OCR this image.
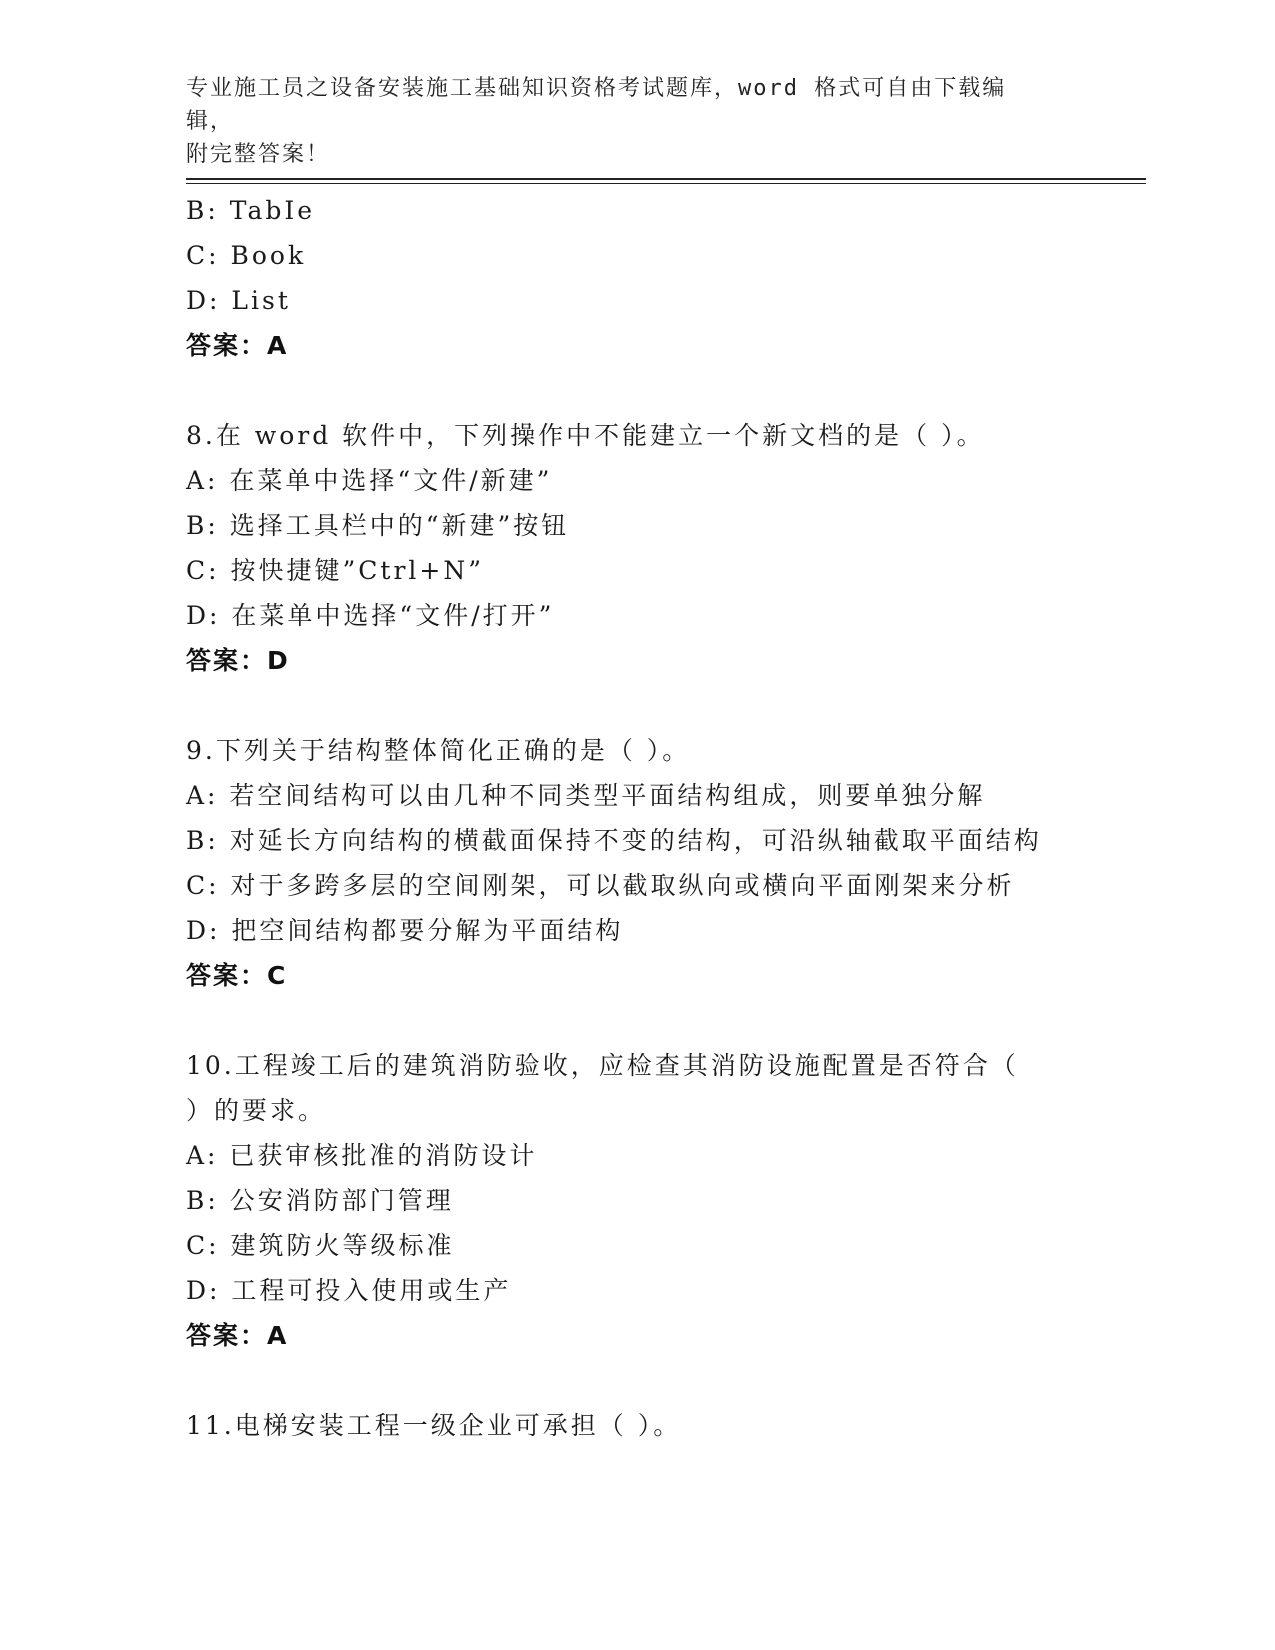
专业施工员之设备安装施工基础知识资格考试题库，word 格式可自由下载编辑，
附完整答案！
B: TabIe
C: Book
D: List
答案：A
8.在 word 软件中，下列操作中不能建立一个新文档的是（ ）。
A: 在菜单中选择“文件/新建”
B: 选择工具栏中的“新建”按钮
C: 按快捷键”Ctrl+N”
D: 在菜单中选择“文件/打开”
答案：D
9.下列关于结构整体简化正确的是（ ）。
A: 若空间结构可以由几种不同类型平面结构组成，则要单独分解
B: 对延长方向结构的横截面保持不变的结构，可沿纵轴截取平面结构
C: 对于多跨多层的空间刚架，可以截取纵向或横向平面刚架来分析
D: 把空间结构都要分解为平面结构
答案：C
10.工程竣工后的建筑消防验收，应检查其消防设施配置是否符合（
）的要求。
A: 已获审核批准的消防设计
B: 公安消防部门管理
C: 建筑防火等级标准
D: 工程可投入使用或生产
答案：A
11.电梯安装工程一级企业可承担（ ）。
